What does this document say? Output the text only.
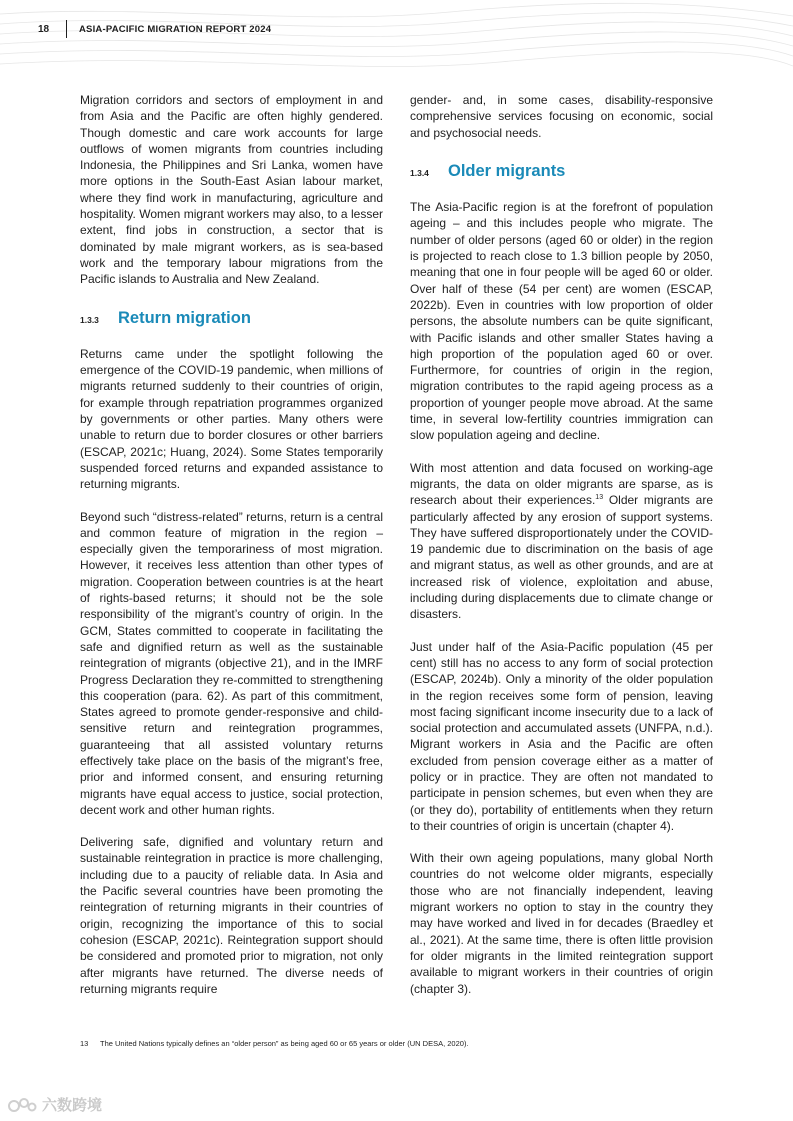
18	ASIA-PACIFIC MIGRATION REPORT 2024

Migration corridors and sectors of employment in and from Asia and the Pacific are often highly gendered. Though domestic and care work accounts for large outflows of women migrants from countries including Indonesia, the Philippines and Sri Lanka, women have more options in the South-East Asian labour market, where they find work in manufacturing, agriculture and hospitality. Women migrant workers may also, to a lesser extent, find jobs in construction, a sector that is dominated by male migrant workers, as is sea-based work and the temporary labour migrations from the Pacific islands to Australia and New Zealand.

1.3.3	Return migration

Returns came under the spotlight following the emergence of the COVID-19 pandemic, when millions of migrants returned suddenly to their countries of origin, for example through repatriation programmes organized by governments or other parties. Many others were unable to return due to border closures or other barriers (ESCAP, 2021c; Huang, 2024). Some States temporarily suspended forced returns and expanded assistance to returning migrants.

Beyond such “distress-related” returns, return is a central and common feature of migration in the region – especially given the temporariness of most migration. However, it receives less attention than other types of migration. Cooperation between countries is at the heart of rights-based returns; it should not be the sole responsibility of the migrant’s country of origin. In the GCM, States committed to cooperate in facilitating the safe and dignified return as well as the sustainable reintegration of migrants (objective 21), and in the IMRF Progress Declaration they re-committed to strengthening this cooperation (para. 62). As part of this commitment, States agreed to promote gender-responsive and child-sensitive return and reintegration programmes, guaranteeing that all assisted voluntary returns effectively take place on the basis of the migrant’s free, prior and informed consent, and ensuring returning migrants have equal access to justice, social protection, decent work and other human rights.

Delivering safe, dignified and voluntary return and sustainable reintegration in practice is more challenging, including due to a paucity of reliable data. In Asia and the Pacific several countries have been promoting the reintegration of returning migrants in their countries of origin, recognizing the importance of this to social cohesion (ESCAP, 2021c). Reintegration support should be considered and promoted prior to migration, not only after migrants have returned. The diverse needs of returning migrants require

gender- and, in some cases, disability-responsive comprehensive services focusing on economic, social and psychosocial needs.

1.3.4	Older migrants

The Asia-Pacific region is at the forefront of population ageing – and this includes people who migrate. The number of older persons (aged 60 or older) in the region is projected to reach close to 1.3 billion people by 2050, meaning that one in four people will be aged 60 or older. Over half of these (54 per cent) are women (ESCAP, 2022b). Even in countries with low proportion of older persons, the absolute numbers can be quite significant, with Pacific islands and other smaller States having a high proportion of the population aged 60 or over. Furthermore, for countries of origin in the region, migration contributes to the rapid ageing process as a proportion of younger people move abroad. At the same time, in several low-fertility countries immigration can slow population ageing and decline.

With most attention and data focused on working-age migrants, the data on older migrants are sparse, as is research about their experiences.$^{13}$ Older migrants are particularly affected by any erosion of support systems. They have suffered disproportionately under the COVID-19 pandemic due to discrimination on the basis of age and migrant status, as well as other grounds, and are at increased risk of violence, exploitation and abuse, including during displacements due to climate change or disasters.

Just under half of the Asia-Pacific population (45 per cent) still has no access to any form of social protection (ESCAP, 2024b). Only a minority of the older population in the region receives some form of pension, leaving most facing significant income insecurity due to a lack of social protection and accumulated assets (UNFPA, n.d.). Migrant workers in Asia and the Pacific are often excluded from pension coverage either as a matter of policy or in practice. They are often not mandated to participate in pension schemes, but even when they are (or they do), portability of entitlements when they return to their countries of origin is uncertain (chapter 4).

With their own ageing populations, many global North countries do not welcome older migrants, especially those who are not financially independent, leaving migrant workers no option to stay in the country they may have worked and lived in for decades (Braedley et al., 2021). At the same time, there is often little provision for older migrants in the limited reintegration support available to migrant workers in their countries of origin (chapter 3).

13 The United Nations typically defines an “older person” as being aged 60 or 65 years or older (UN DESA, 2020).
六数跨境
